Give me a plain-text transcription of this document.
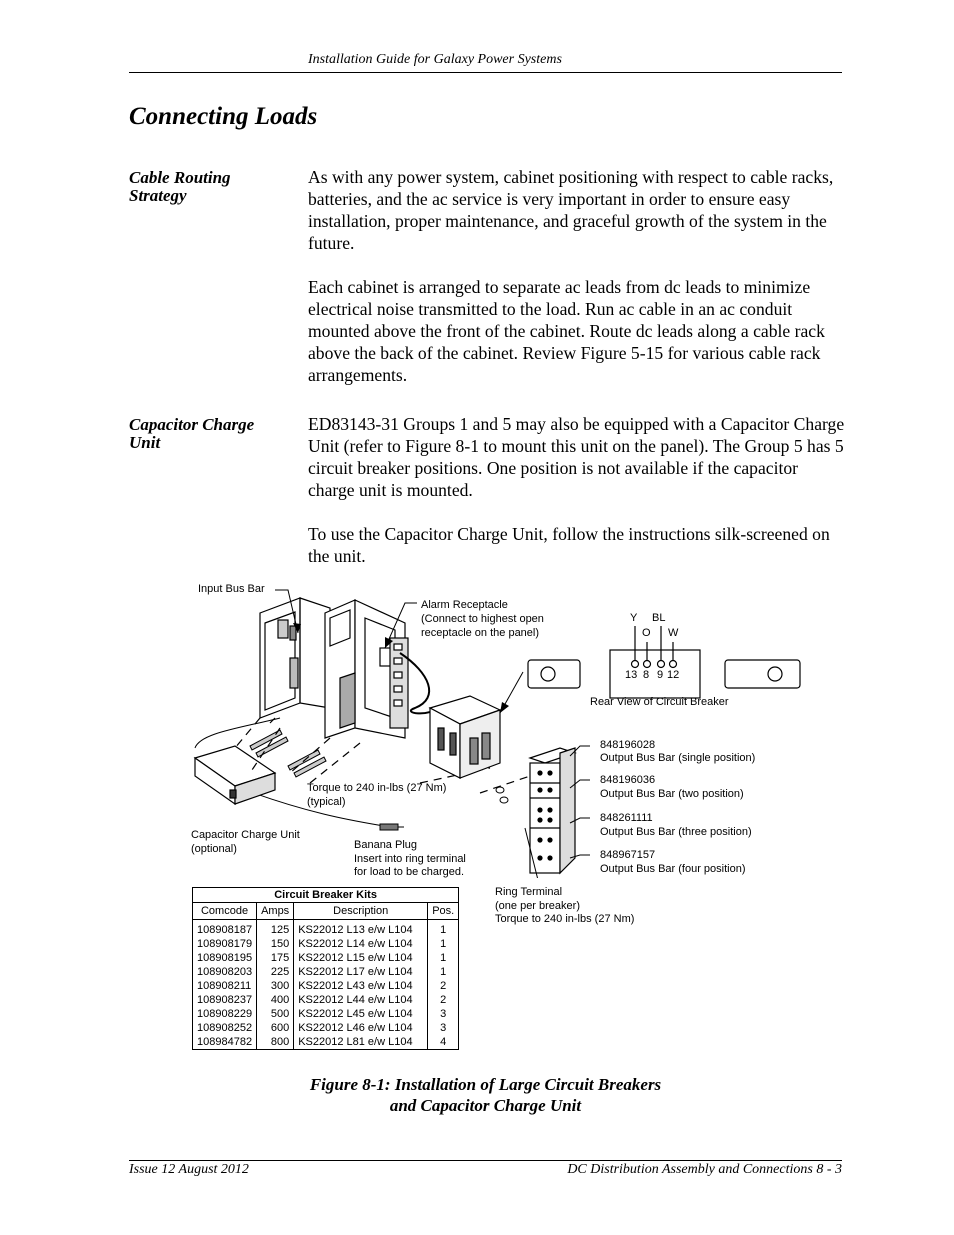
Installation Guide for Galaxy Power Systems
Connecting Loads
Cable Routing Strategy

As with any power system, cabinet positioning with respect to cable racks, batteries, and the ac service is very important in order to ensure easy installation, proper maintenance, and graceful growth of the system in the future.

Each cabinet is arranged to separate ac leads from dc leads to minimize electrical noise transmitted to the load. Run ac cable in an ac conduit mounted above the front of the cabinet. Route dc leads along a cable rack above the back of the cabinet. Review Figure 5-15 for various cable rack arrangements.

Capacitor Charge Unit

ED83143-31 Groups 1 and 5 may also be equipped with a Capacitor Charge Unit (refer to Figure 8-1 to mount this unit on the panel). The Group 5 has 5 circuit breaker positions. One position is not available if the capacitor charge unit is mounted.

To use the Capacitor Charge Unit, follow the instructions silk-screened on the unit.

Input Bus Bar
Alarm Receptacle
(Connect to highest open
receptacle on the panel)
Y BL
O W
13 8 9 12
Rear View of Circuit Breaker
848196028
Output Bus Bar (single position)
848196036
Output Bus Bar (two position)
848261111
Output Bus Bar (three position)
848967157
Output Bus Bar (four position)
Torque to 240 in-lbs (27 Nm)
(typical)
Capacitor Charge Unit
(optional)	Banana Plug
Insert into ring terminal
for load to be charged.
Ring Terminal
(one per breaker)
Torque to 240 in-lbs (27 Nm)
Circuit Breaker Kits			
Comcode	Amps	Description	Pos.
108908187	125	KS22012 L13 e/w L104	1
108908179	150	KS22012 L14 e/w L104	1
108908195	175	KS22012 L15 e/w L104	1
108908203	225	KS22012 L17 e/w L104	1
108908211	300	KS22012 L43 e/w L104	2
108908237	400	KS22012 L44 e/w L104	2
108908229	500	KS22012 L45 e/w L104	3
108908252	600	KS22012 L46 e/w L104	3
108984782	800	KS22012 L81 e/w L104	4
Figure 8-1: Installation of Large Circuit Breakers
and Capacitor Charge Unit
Issue 12 August 2012	DC Distribution Assembly and Connections 8 - 3
